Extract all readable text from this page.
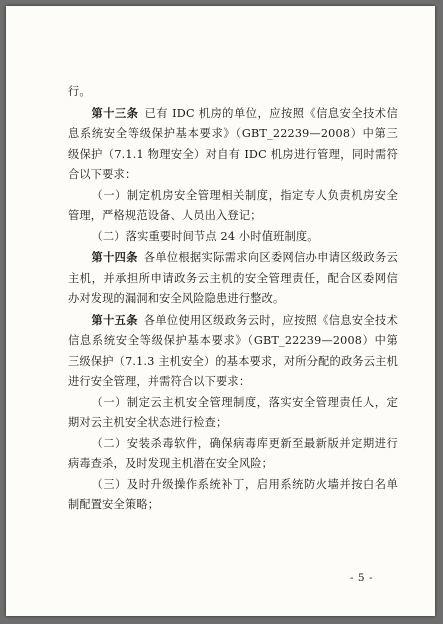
行。

第十三条  已有 IDC 机房的单位，应按照《信息安全技术信息系统安全等级保护基本要求》（GBT_22239—2008）中第三级保护（7.1.1 物理安全）对自有 IDC 机房进行管理，同时需符合以下要求：

（一）制定机房安全管理相关制度，指定专人负责机房安全管理，严格规范设备、人员出入登记；

（二）落实重要时间节点 24 小时值班制度。

第十四条  各单位根据实际需求向区委网信办申请区级政务云主机，并承担所申请政务云主机的安全管理责任，配合区委网信办对发现的漏洞和安全风险隐患进行整改。

第十五条  各单位使用区级政务云时，应按照《信息安全技术信息系统安全等级保护基本要求》（GBT_22239—2008）中第三级保护（7.1.3 主机安全）的基本要求，对所分配的政务云主机进行安全管理，并需符合以下要求：

（一）制定云主机安全管理制度，落实安全管理责任人，定期对云主机安全状态进行检查；

（二）安装杀毒软件，确保病毒库更新至最新版并定期进行病毒查杀，及时发现主机潜在安全风险；

（三）及时升级操作系统补丁，启用系统防火墙并按白名单制配置安全策略；

- 5 -
